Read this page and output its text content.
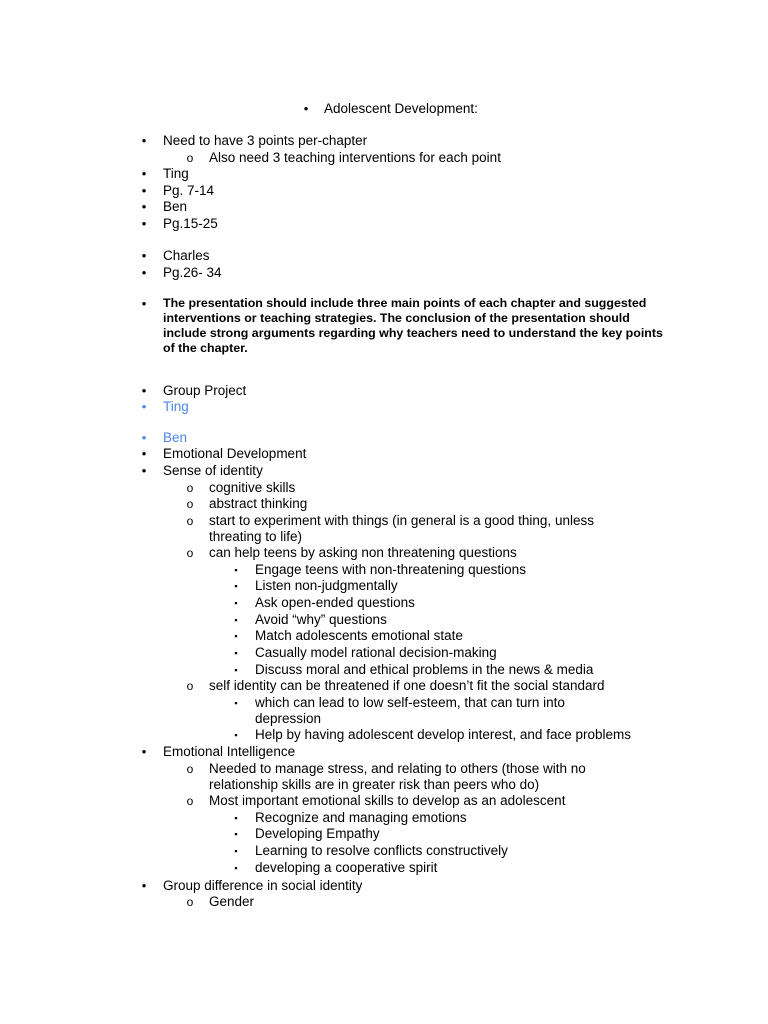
• Adolescent Development:
• Need to have 3 points per-chapter
o Also need 3 teaching interventions for each point
• Ting
• Pg. 7-14
• Ben
• Pg.15-25
• Charles
• Pg.26- 34
• The presentation should include three main points of each chapter and suggested interventions or teaching strategies. The conclusion of the presentation should include strong arguments regarding why teachers need to understand the key points of the chapter.
• Group Project
• Ting
• Ben
• Emotional Development
• Sense of identity
o cognitive skills
o abstract thinking
o start to experiment with things (in general is a good thing, unless
threating to life)
o can help teens by asking non threatening questions
▪	Engage teens with non-threatening questions
▪	Listen non-judgmentally
▪	Ask open-ended questions
▪	Avoid “why” questions
▪	Match adolescents emotional state
▪	Casually model rational decision-making
▪	Discuss moral and ethical problems in the news & media
o self identity can be threatened if one doesn’t fit the social standard
▪	which can lead to low self-esteem, that can turn into
depression
▪	Help by having adolescent develop interest, and face problems
• Emotional Intelligence
o Needed to manage stress, and relating to others (those with no
relationship skills are in greater risk than peers who do)
o Most important emotional skills to develop as an adolescent
▪	Recognize and managing emotions
▪	Developing Empathy
▪	Learning to resolve conflicts constructively
▪	developing a cooperative spirit
• Group difference in social identity
o Gender
